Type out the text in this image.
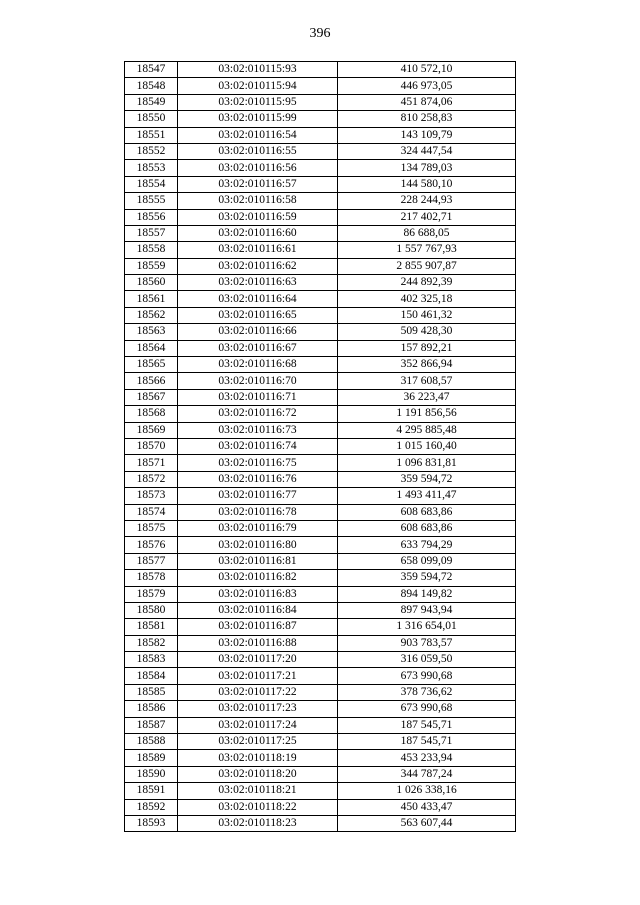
396
18547	03:02:010115:93	410 572,10
18548	03:02:010115:94	446 973,05
18549	03:02:010115:95	451 874,06
18550	03:02:010115:99	810 258,83
18551	03:02:010116:54	143 109,79
18552	03:02:010116:55	324 447,54
18553	03:02:010116:56	134 789,03
18554	03:02:010116:57	144 580,10
18555	03:02:010116:58	228 244,93
18556	03:02:010116:59	217 402,71
18557	03:02:010116:60	86 688,05
18558	03:02:010116:61	1 557 767,93
18559	03:02:010116:62	2 855 907,87
18560	03:02:010116:63	244 892,39
18561	03:02:010116:64	402 325,18
18562	03:02:010116:65	150 461,32
18563	03:02:010116:66	509 428,30
18564	03:02:010116:67	157 892,21
18565	03:02:010116:68	352 866,94
18566	03:02:010116:70	317 608,57
18567	03:02:010116:71	36 223,47
18568	03:02:010116:72	1 191 856,56
18569	03:02:010116:73	4 295 885,48
18570	03:02:010116:74	1 015 160,40
18571	03:02:010116:75	1 096 831,81
18572	03:02:010116:76	359 594,72
18573	03:02:010116:77	1 493 411,47
18574	03:02:010116:78	608 683,86
18575	03:02:010116:79	608 683,86
18576	03:02:010116:80	633 794,29
18577	03:02:010116:81	658 099,09
18578	03:02:010116:82	359 594,72
18579	03:02:010116:83	894 149,82
18580	03:02:010116:84	897 943,94
18581	03:02:010116:87	1 316 654,01
18582	03:02:010116:88	903 783,57
18583	03:02:010117:20	316 059,50
18584	03:02:010117:21	673 990,68
18585	03:02:010117:22	378 736,62
18586	03:02:010117:23	673 990,68
18587	03:02:010117:24	187 545,71
18588	03:02:010117:25	187 545,71
18589	03:02:010118:19	453 233,94
18590	03:02:010118:20	344 787,24
18591	03:02:010118:21	1 026 338,16
18592	03:02:010118:22	450 433,47
18593	03:02:010118:23	563 607,44
